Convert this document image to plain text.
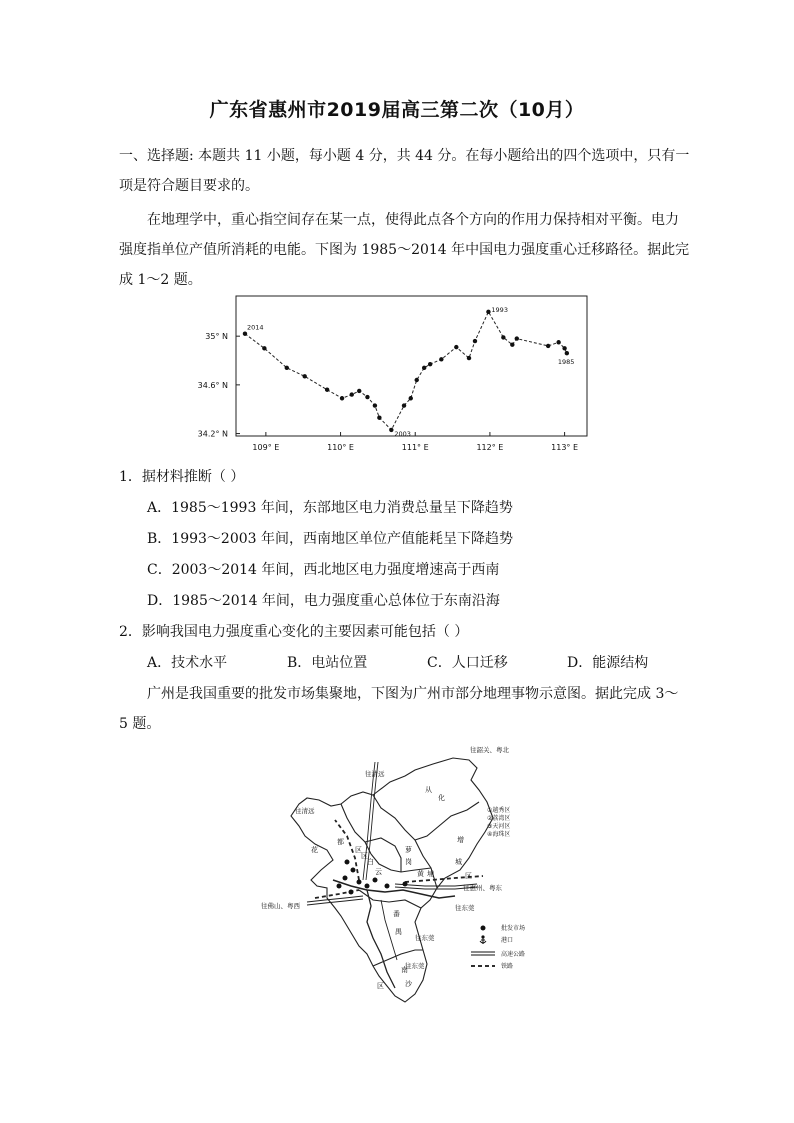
广东省惠州市2019届高三第二次（10月）
一、选择题: 本题共 11 小题，每小题 4 分，共 44 分。在每小题给出的四个选项中，只有一
项是符合题目要求的。
在地理学中，重心指空间存在某一点，使得此点各个方向的作用力保持相对平衡。电力
强度指单位产值所消耗的电能。下图为 1985～2014 年中国电力强度重心迁移路径。据此完
成 1～2 题。
109° E	110° E	111° E	112° E	113° E
35° N
34.6° N
34.2° N
2014
2003
1993
1985
1．据材料推断（ ）
A．1985～1993 年间，东部地区电力消费总量呈下降趋势
B．1993～2003 年间，西南地区单位产值能耗呈下降趋势
C．2003～2014 年间，西北地区电力强度增速高于西南
D．1985～2014 年间，电力强度重心总体位于东南沿海
2．影响我国电力强度重心变化的主要因素可能包括（ ）
A．技术水平	B．电站位置	C．人口迁移	D．能源结构
广州是我国重要的批发市场集聚地，下图为广州市部分地理事物示意图。据此完成 3～
5 题。
往韶关、粤北
往清远
往清远
往惠州、粤东
往东莞
往东莞
往东莞
往佛山、粤西
从
化
花
都
区
增
城
区
萝
岗
黄 埔
番
禺
南
沙
区
白
云
区
①越秀区
②荔湾区
③天河区
④海珠区
批发市场
港口
高速公路
铁路
